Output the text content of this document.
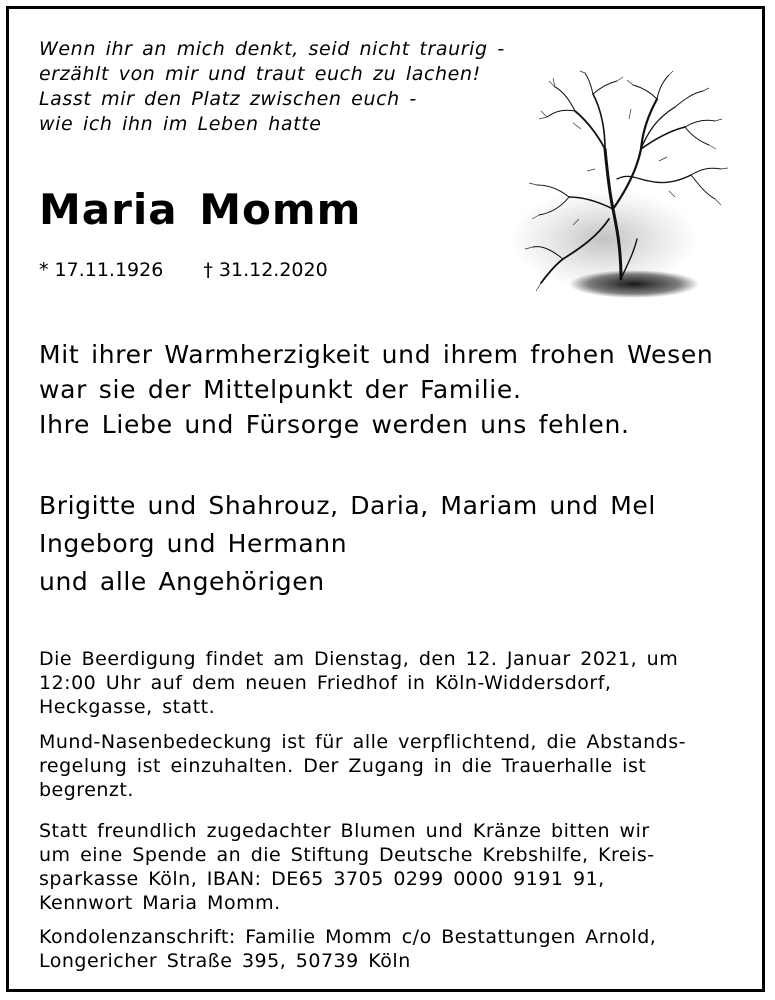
Wenn ihr an mich denkt, seid nicht traurig -
erzählt von mir und traut euch zu lachen!
Lasst mir den Platz zwischen euch -
wie ich ihn im Leben hatte
Maria Momm
* 17.11.1926 † 31.12.2020
Mit ihrer Warmherzigkeit und ihrem frohen Wesen
war sie der Mittelpunkt der Familie.
Ihre Liebe und Fürsorge werden uns fehlen.
Brigitte und Shahrouz, Daria, Mariam und Mel
Ingeborg und Hermann
und alle Angehörigen
Die Beerdigung findet am Dienstag, den 12. Januar 2021, um
12:00 Uhr auf dem neuen Friedhof in Köln-Widdersdorf,
Heckgasse, statt.
Mund-Nasenbedeckung ist für alle verpflichtend, die Abstands-
regelung ist einzuhalten. Der Zugang in die Trauerhalle ist
begrenzt.
Statt freundlich zugedachter Blumen und Kränze bitten wir
um eine Spende an die Stiftung Deutsche Krebshilfe, Kreis-
sparkasse Köln, IBAN: DE65 3705 0299 0000 9191 91,
Kennwort Maria Momm.
Kondolenzanschrift: Familie Momm c/o Bestattungen Arnold,
Longericher Straße 395, 50739 Köln
